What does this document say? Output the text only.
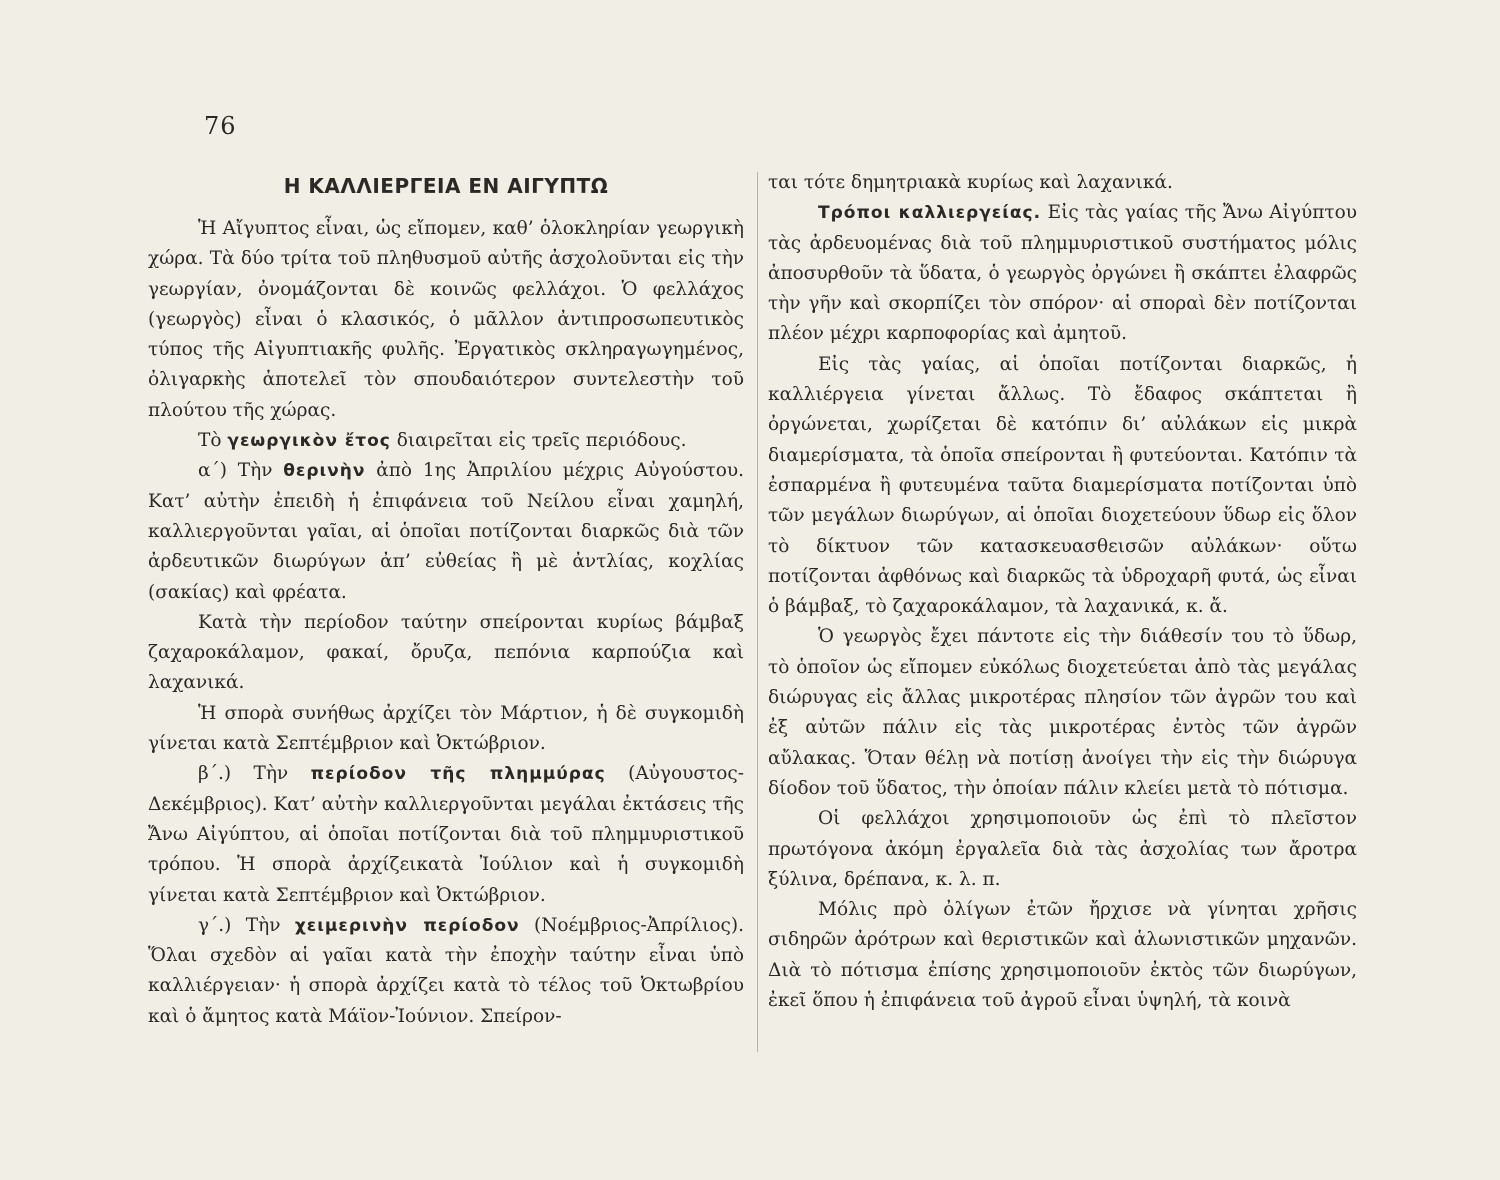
76
Η ΚΑΛΛΙΕΡΓΕΙΑ ΕΝ ΑΙΓΥΠΤΩ

Ἡ Αἴγυπτος εἶναι, ὡς εἴπομεν, καθ’ ὁλοκληρίαν γεωργικὴ χώρα. Τὰ δύο τρίτα τοῦ πληθυσμοῦ αὐτῆς ἀσχολοῦνται εἰς τὴν γεωργίαν, ὀνομάζονται δὲ κοινῶς φελλάχοι. Ὁ φελλάχος (γεωργὸς) εἶναι ὁ κλασικός, ὁ μᾶλλον ἀντιπροσωπευτικὸς τύπος τῆς Αἰγυπτιακῆς φυλῆς. Ἐργατικὸς σκληραγωγημένος, ὀλιγαρκὴς ἀποτελεῖ τὸν σπουδαιότερον συντελεστὴν τοῦ πλούτου τῆς χώρας.

Τὸ γεωργικὸν ἔτος διαιρεῖται εἰς τρεῖς περιόδους.

α΄) Τὴν θερινὴν ἀπὸ 1ης Ἀπριλίου μέχρις Αὐγούστου. Κατ’ αὐτὴν ἐπειδὴ ἡ ἐπιφάνεια τοῦ Νείλου εἶναι χαμηλή, καλλιεργοῦνται γαῖαι, αἱ ὁποῖαι ποτίζονται διαρκῶς διὰ τῶν ἀρδευτικῶν διωρύγων ἀπ’ εὐθείας ἢ μὲ ἀντλίας, κοχλίας (σακίας) καὶ φρέατα.

Κατὰ τὴν περίοδον ταύτην σπείρονται κυρίως βάμβαξ ζαχαροκάλαμον, φακαί, ὄρυζα, πεπόνια καρπούζια καὶ λαχανικά.

Ἡ σπορὰ συνήθως ἀρχίζει τὸν Μάρτιον, ἡ δὲ συγκομιδὴ γίνεται κατὰ Σεπτέμβριον καὶ Ὀκτώβριον.

β΄.) Τὴν περίοδον τῆς πλημμύρας (Αὐγουστος-Δεκέμβριος). Κατ’ αὐτὴν καλλιεργοῦνται μεγάλαι ἐκτάσεις τῆς Ἄνω Αἰγύπτου, αἱ ὁποῖαι ποτίζονται διὰ τοῦ πλημμυριστικοῦ τρόπου. Ἡ σπορὰ ἀρχίζεικατὰ Ἰούλιον καὶ ἡ συγκομιδὴ γίνεται κατὰ Σεπτέμβριον καὶ Ὀκτώβριον.

γ΄.) Τὴν χειμερινὴν περίοδον (Νοέμβριος-Ἀπρίλιος). Ὅλαι σχεδὸν αἱ γαῖαι κατὰ τὴν ἐποχὴν ταύτην εἶναι ὑπὸ καλλιέργειαν· ἡ σπορὰ ἀρχίζει κατὰ τὸ τέλος τοῦ Ὀκτωβρίου καὶ ὁ ἄμητος κατὰ Μάϊον-Ἰούνιον. Σπείρον-

ται τότε δημητριακὰ κυρίως καὶ λαχανικά.

Τρόποι καλλιεργείας. Εἰς τὰς γαίας τῆς Ἄνω Αἰγύπτου τὰς ἀρδευομένας διὰ τοῦ πλημμυριστικοῦ συστήματος μόλις ἀποσυρθοῦν τὰ ὕδατα, ὁ γεωργὸς ὀργώνει ἢ σκάπτει ἐλαφρῶς τὴν γῆν καὶ σκορπίζει τὸν σπόρον· αἱ σποραὶ δὲν ποτίζονται πλέον μέχρι καρποφορίας καὶ ἀμητοῦ.

Εἰς τὰς γαίας, αἱ ὁποῖαι ποτίζονται διαρκῶς, ἡ καλλιέργεια γίνεται ἄλλως. Τὸ ἔδαφος σκάπτεται ἢ ὀργώνεται, χωρίζεται δὲ κατόπιν δι’ αὐλάκων εἰς μικρὰ διαμερίσματα, τὰ ὁποῖα σπείρονται ἢ φυτεύονται. Κατόπιν τὰ ἐσπαρμένα ἢ φυτευμένα ταῦτα διαμερίσματα ποτίζονται ὑπὸ τῶν μεγάλων διωρύγων, αἱ ὁποῖαι διοχετεύουν ὕδωρ εἰς ὅλον τὸ δίκτυον τῶν κατασκευασθεισῶν αὐλάκων· οὕτω ποτίζονται ἀφθόνως καὶ διαρκῶς τὰ ὑδροχαρῆ φυτά, ὡς εἶναι ὁ βάμβαξ, τὸ ζαχαροκάλαμον, τὰ λαχανικά, κ. ἄ.

Ὁ γεωργὸς ἔχει πάντοτε εἰς τὴν διάθεσίν του τὸ ὕδωρ, τὸ ὁποῖον ὡς εἴπομεν εὐκόλως διοχετεύεται ἀπὸ τὰς μεγάλας διώρυγας εἰς ἄλλας μικροτέρας πλησίον τῶν ἀγρῶν του καὶ ἐξ αὐτῶν πάλιν εἰς τὰς μικροτέρας ἐντὸς τῶν ἀγρῶν αὔλακας. Ὅταν θέλῃ νὰ ποτίσῃ ἀνοίγει τὴν εἰς τὴν διώρυγα δίοδον τοῦ ὕδατος, τὴν ὁποίαν πάλιν κλείει μετὰ τὸ πότισμα.

Οἱ φελλάχοι χρησιμοποιοῦν ὡς ἐπὶ τὸ πλεῖστον πρωτόγονα ἀκόμη ἐργαλεῖα διὰ τὰς ἀσχολίας των ἄροτρα ξύλινα, δρέπανα, κ. λ. π.

Μόλις πρὸ ὀλίγων ἐτῶν ἤρχισε νὰ γίνηται χρῆσις σιδηρῶν ἀρότρων καὶ θεριστικῶν καὶ ἁλωνιστικῶν μηχανῶν. Διὰ τὸ πότισμα ἐπίσης χρησιμοποιοῦν ἐκτὸς τῶν διωρύγων, ἐκεῖ ὅπου ἡ ἐπιφάνεια τοῦ ἀγροῦ εἶναι ὑψηλή, τὰ κοινὰ
